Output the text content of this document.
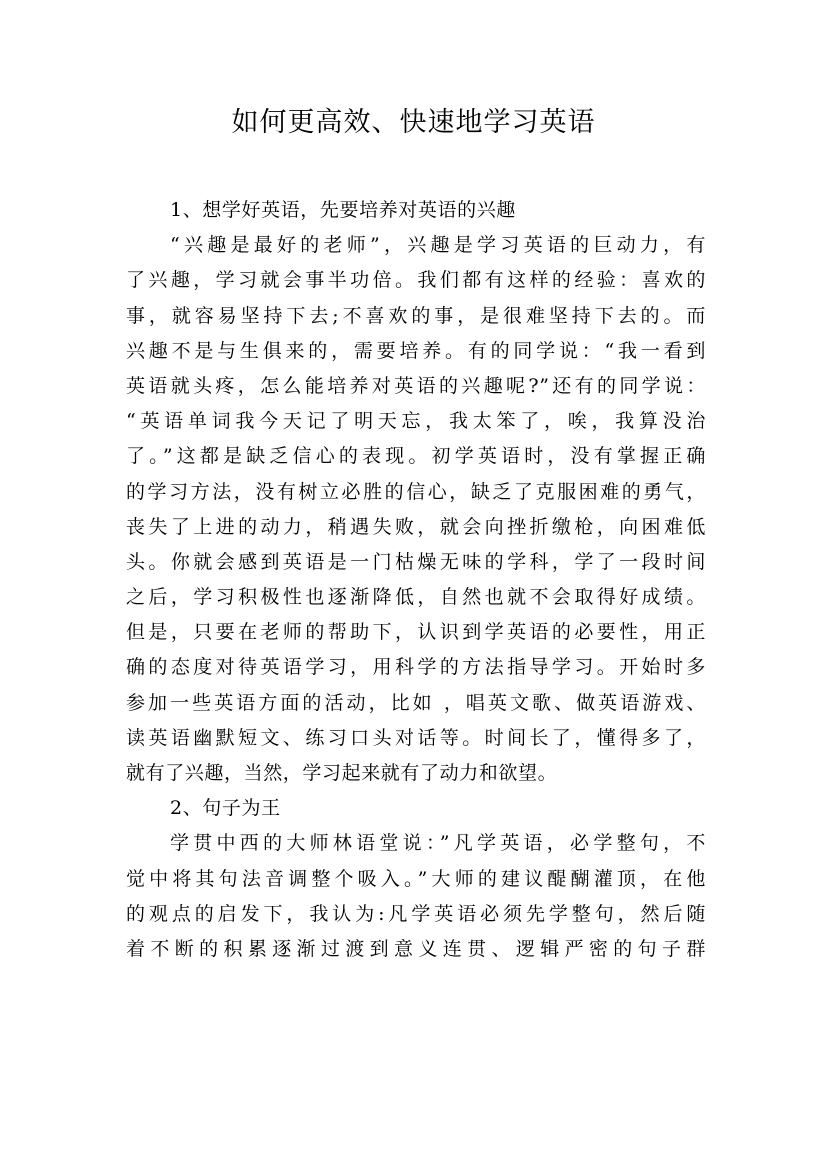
如何更高效、快速地学习英语
1、想学好英语，先要培养对英语的兴趣
“兴趣是最好的老师”，兴趣是学习英语的巨动力，有
了兴趣，学习就会事半功倍。我们都有这样的经验：喜欢的
事，就容易坚持下去;不喜欢的事，是很难坚持下去的。而
兴趣不是与生俱来的，需要培养。有的同学说：“我一看到
英语就头疼，怎么能培养对英语的兴趣呢?”还有的同学说：
“英语单词我今天记了明天忘，我太笨了，唉，我算没治
了。”这都是缺乏信心的表现。初学英语时，没有掌握正确
的学习方法，没有树立必胜的信心，缺乏了克服困难的勇气，
丧失了上进的动力，稍遇失败，就会向挫折缴枪，向困难低
头。你就会感到英语是一门枯燥无味的学科，学了一段时间
之后，学习积极性也逐渐降低，自然也就不会取得好成绩。
但是，只要在老师的帮助下，认识到学英语的必要性，用正
确的态度对待英语学习，用科学的方法指导学习。开始时多
参加一些英语方面的活动，比如 ，唱英文歌、做英语游戏、
读英语幽默短文、练习口头对话等。时间长了，懂得多了，
就有了兴趣，当然，学习起来就有了动力和欲望。
2、句子为王
学贯中西的大师林语堂说：”凡学英语，必学整句，不
觉中将其句法音调整个吸入。”大师的建议醍醐灌顶，在他
的观点的启发下，我认为:凡学英语必须先学整句，然后随
着不断的积累逐渐过渡到意义连贯、逻辑严密的句子群
